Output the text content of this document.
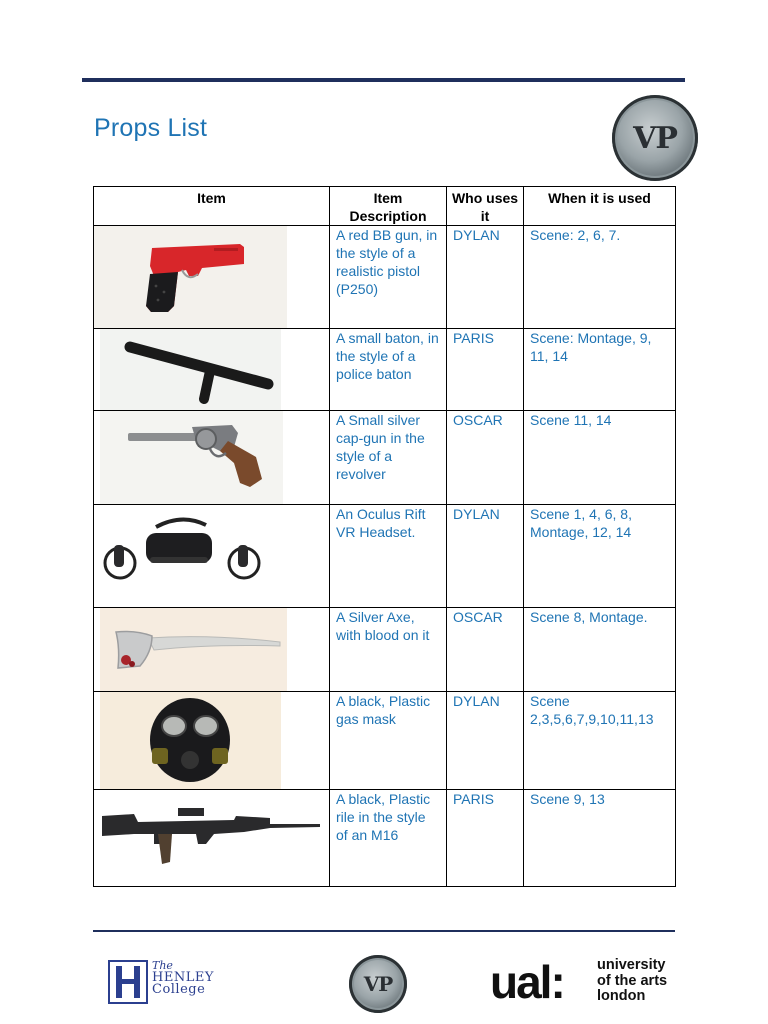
Props List	VP
Item	Item Description	Who uses it	When it is used

	A red BB gun, in the style of a realistic pistol (P250)	DYLAN	Scene: 2, 6, 7.

	A small baton, in the style of a police baton	PARIS	Scene: Montage, 9, 11, 14

	A Small silver cap-gun in the style of a revolver	OSCAR	Scene 11, 14

	An Oculus Rift VR Headset.	DYLAN	Scene 1, 4, 6, 8, Montage, 12, 14

	A Silver Axe, with blood on it	OSCAR	Scene 8, Montage.

	A black, Plastic gas mask	DYLAN	Scene 2,3,5,6,7,9,10,11,13

	A black, Plastic rile in the style of an M16	PARIS	Scene 9, 13
The
HENLEY
College	VP ual: university
of the arts
london
